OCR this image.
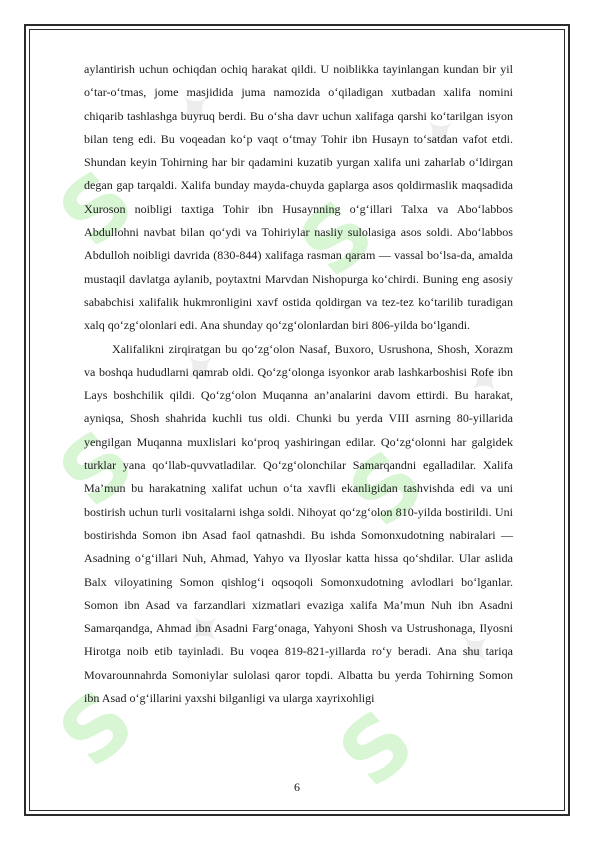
S
✦
S
✦
S
✦
S
✦
S
✦
S
✦

aylantirish uchun ochiqdan ochiq harakat qildi. U noiblikka tayinlangan kundan bir yil o‘tar-o‘tmas, jome masjidida juma namozida o‘qiladigan xutbadan xalifa nomini chiqarib tashlashga buyruq berdi. Bu o‘sha davr uchun xalifaga qarshi ko‘tarilgan isyon bilan teng edi. Bu voqeadan ko‘p vaqt o‘tmay Tohir ibn Husayn to‘satdan vafot etdi. Shundan keyin Tohirning har bir qadamini kuzatib yurgan xalifa uni zaharlab o‘ldirgan degan gap tarqaldi. Xalifa bunday mayda-chuyda gaplarga asos qoldirmaslik maqsadida Xuroson noibligi taxtiga Tohir ibn Husaynning o‘g‘illari Talxa va Abo‘labbos Abdullohni navbat bilan qo‘ydi va Tohiriylar nasliy sulolasiga asos soldi. Abo‘labbos Abdulloh noibligi davrida (830-844) xalifaga rasman qaram — vassal bo‘lsa-da, amalda mustaqil davlatga aylanib, poytaxtni Marvdan Nishopurga ko‘chirdi. Buning eng asosiy sababchisi xalifalik hukmronligini xavf ostida qoldirgan va tez-tez ko‘tarilib turadigan xalq qo‘zg‘olonlari edi. Ana shunday qo‘zg‘olonlardan biri 806-yilda bo‘lgandi.

Xalifalikni zirqiratgan bu qo‘zg‘olon Nasaf, Buxoro, Usrushona, Shosh, Xorazm va boshqa hududlarni qamrab oldi. Qo‘zg‘olonga isyonkor arab lashkarboshisi Rofe ibn Lays boshchilik qildi. Qo‘zg‘olon Muqanna an’analarini davom ettirdi. Bu harakat, ayniqsa, Shosh shahrida kuchli tus oldi. Chunki bu yerda VIII asrning 80-yillarida yengilgan Muqanna muxlislari ko‘proq yashiringan edilar. Qo‘zg‘olonni har galgidek turklar yana qo‘llab-quvvatladilar. Qo‘zg‘olonchilar Samarqandni egalladilar. Xalifa Ma’mun bu harakatning xalifat uchun o‘ta xavfli ekanligidan tashvishda edi va uni bostirish uchun turli vositalarni ishga soldi. Nihoyat qo‘zg‘olon 810-yilda bostirildi. Uni bostirishda Somon ibn Asad faol qatnashdi. Bu ishda Somonxudotning nabiralari — Asadning o‘g‘illari Nuh, Ahmad, Yahyo va Ilyoslar katta hissa qo‘shdilar. Ular aslida Balx viloyatining Somon qishlog‘i oqsoqoli Somonxudotning avlodlari bo‘lganlar. Somon ibn Asad va farzandlari xizmatlari evaziga xalifa Ma’mun Nuh ibn Asadni Samarqandga, Ahmad ibn Asadni Farg‘onaga, Yahyoni Shosh va Ustrushonaga, Ilyosni Hirotga noib etib tayinladi. Bu voqea 819-821-yillarda ro‘y beradi. Ana shu tariqa Movarounnahrda Somoniylar sulolasi qaror topdi. Albatta bu yerda Tohirning Somon ibn Asad o‘g‘illarini yaxshi bilganligi va ularga xayrixohligi

6
